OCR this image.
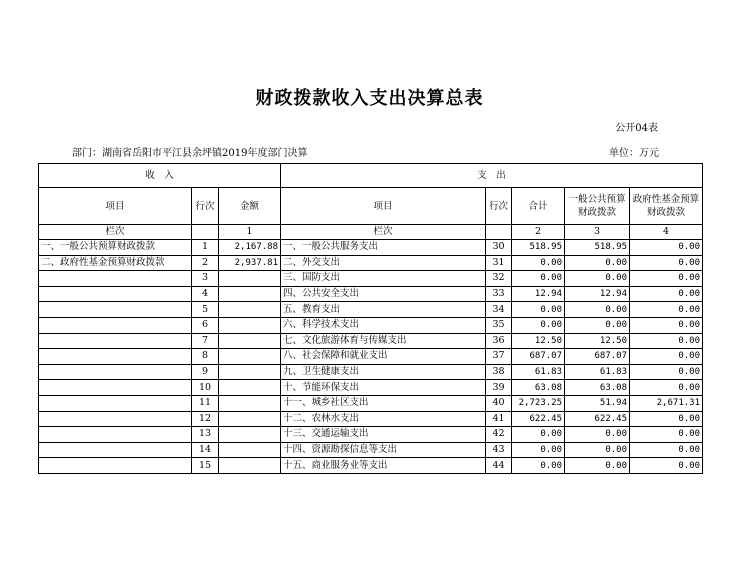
财政拨款收入支出决算总表
公开04表
部门：湖南省岳阳市平江县余坪镇2019年度部门决算	单位：万元
收　入			支　出				
项目	行次	金额	项目	行次	合计	一般公共预算财政拨款	政府性基金预算财政拨款
栏次		1	栏次		2	3	4
一、一般公共预算财政拨款	1	2,167.88	一、一般公共服务支出	30	518.95	518.95	0.00
二、政府性基金预算财政拨款	2	2,937.81	二、外交支出	31	0.00	0.00	0.00
	3		三、国防支出	32	0.00	0.00	0.00
	4		四、公共安全支出	33	12.94	12.94	0.00
	5		五、教育支出	34	0.00	0.00	0.00
	6		六、科学技术支出	35	0.00	0.00	0.00
	7		七、文化旅游体育与传媒支出	36	12.50	12.50	0.00
	8		八、社会保障和就业支出	37	687.07	687.07	0.00
	9		九、卫生健康支出	38	61.83	61.83	0.00
	10		十、节能环保支出	39	63.08	63.08	0.00
	11		十一、城乡社区支出	40	2,723.25	51.94	2,671.31
	12		十二、农林水支出	41	622.45	622.45	0.00
	13		十三、交通运输支出	42	0.00	0.00	0.00
	14		十四、资源勘探信息等支出	43	0.00	0.00	0.00
	15		十五、商业服务业等支出	44	0.00	0.00	0.00
